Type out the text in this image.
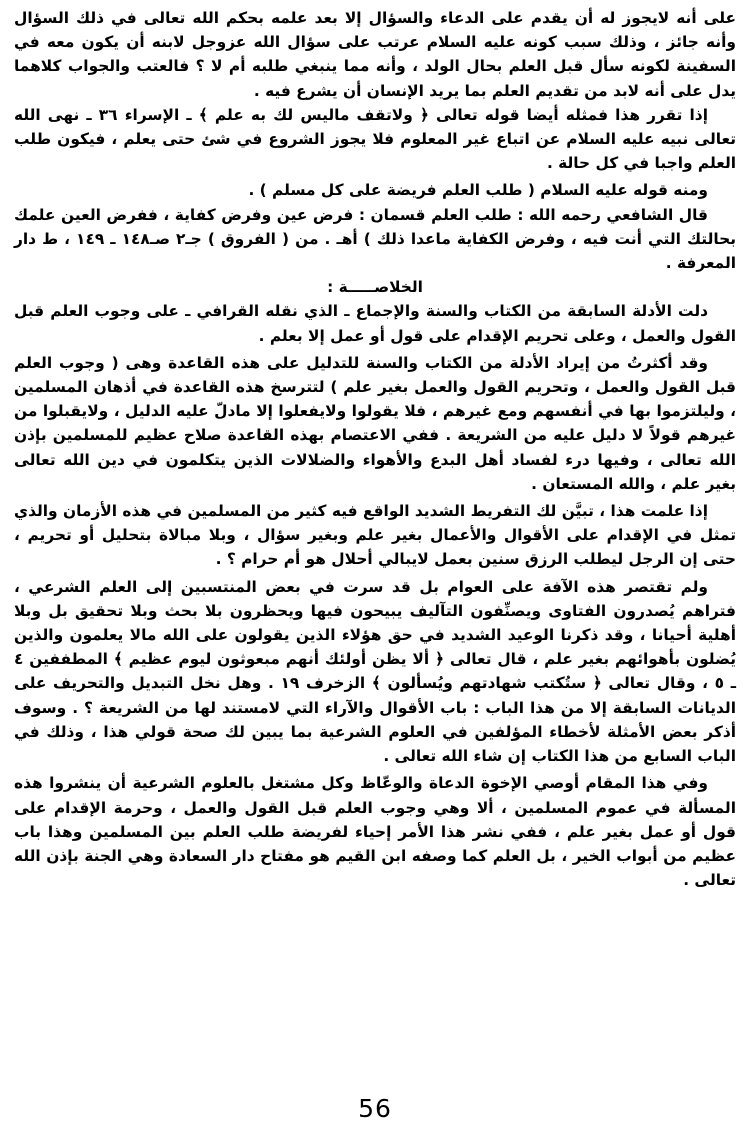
على أنه لايجوز له أن يقدم على الدعاء والسؤال إلا بعد علمه بحكم الله تعالى في ذلك السؤال وأنه جائز ، وذلك سبب كونه عليه السلام عرتب على سؤال الله عزوجل لابنه أن يكون معه في السفينة لكونه سأل قبل العلم بحال الولد ، وأنه مما ينبغي طلبه أم لا ؟ فالعتب والجواب كلاهما يدل على أنه لابد من تقديم العلم بما يريد الإنسان أن يشرع فيه .

إذا تقرر هذا فمثله أيضا قوله تعالى ﴿ ولاتقف ماليس لك به علم ﴾ ـ الإسراء ٣٦ ـ نهى الله تعالى نبيه عليه السلام عن اتباع غير المعلوم فلا يجوز الشروع في شئ حتى يعلم ، فيكون طلب العلم واجبا في كل حالة .

ومنه قوله عليه السلام ( طلب العلم فريضة على كل مسلم ) .

قال الشافعي رحمه الله : طلب العلم قسمان : فرض عين وفرض كفاية ، ففرض العين علمك بحالتك التي أنت فيه ، وفرض الكفاية ماعدا ذلك ) أهـ . من ( الفروق ) جـ٢ صـ١٤٨ ـ ١٤٩ ، ط دار المعرفة .

الخلاصـــــة :

دلت الأدلة السابقة من الكتاب والسنة والإجماع ـ الذي نقله القرافي ـ على وجوب العلم قبل القول والعمل ، وعلى تحريم الإقدام على قول أو عمل إلا بعلم .

وقد أكثرتُ من إيراد الأدلة من الكتاب والسنة للتدليل على هذه القاعدة وهى ( وجوب العلم قبل القول والعمل ، وتحريم القول والعمل بغير علم ) لتترسخ هذه القاعدة في أذهان المسلمين ، وليلتزموا بها في أنفسهم ومع غيرهم ، فلا يقولوا ولايفعلوا إلا مادلّ عليه الدليل ، ولايقبلوا من غيرهم قولاً لا دليل عليه من الشريعة . ففي الاعتصام بهذه القاعدة صلاح عظيم للمسلمين بإذن الله تعالى ، وفيها درء لفساد أهل البدع والأهواء والضلالات الذين يتكلمون في دين الله تعالى بغير علم ، والله المستعان .

إذا علمت هذا ، تبيَّن لك التفريط الشديد الواقع فيه كثير من المسلمين في هذه الأزمان والذي تمثل في الإقدام على الأقوال والأعمال بغير علم وبغير سؤال ، وبلا مبالاة بتحليل أو تحريم ، حتى إن الرجل ليطلب الرزق سنين بعمل لايبالي أحلال هو أم حرام ؟ .

ولم تقتصر هذه الآفة على العوام بل قد سرت في بعض المنتسبين إلى العلم الشرعي ، فتراهم يُصدرون الفتاوى ويصنِّفون التآليف يبيحون فيها ويحظرون بلا بحث وبلا تحقيق بل وبلا أهلية أحيانا ، وقد ذكرنا الوعيد الشديد في حق هؤلاء الذين يقولون على الله مالا يعلمون والذين يُضلون بأهوائهم بغير علم ، قال تعالى ﴿ ألا يظن أولئك أنهم مبعوثون ليوم عظيم ﴾ المطففين ٤ ـ ٥ ، وقال تعالى ﴿ ستُكتب شهادتهم ويُسألون ﴾ الزخرف ١٩ . وهل نخل التبديل والتحريف على الديانات السابقة إلا من هذا الباب : باب الأقوال والآراء التي لامستند لها من الشريعة ؟ . وسوف أذكر بعض الأمثلة لأخطاء المؤلفين في العلوم الشرعية بما يبين لك صحة قولي هذا ، وذلك في الباب السابع من هذا الكتاب إن شاء الله تعالى .

وفي هذا المقام أوصي الإخوة الدعاة والوعّاظ وكل مشتغل بالعلوم الشرعية أن ينشروا هذه المسألة في عموم المسلمين ، ألا وهي وجوب العلم قبل القول والعمل ، وحرمة الإقدام على قول أو عمل بغير علم ، ففي نشر هذا الأمر إحياء لفريضة طلب العلم بين المسلمين وهذا باب عظيم من أبواب الخير ، بل العلم كما وصفه ابن القيم هو مفتاح دار السعادة وهي الجنة بإذن الله تعالى .

56
